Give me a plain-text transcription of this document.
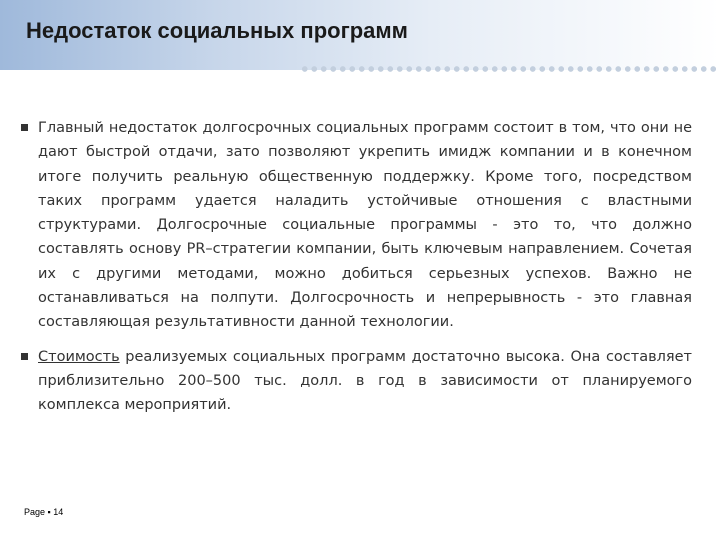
Недостаток социальных программ

Главный недостаток долгосрочных социальных программ состоит в том, что они не дают быстрой отдачи, зато позволяют укрепить имидж компании и в конечном итоге получить реальную общественную поддержку. Кроме того, посредством таких программ удается наладить устойчивые отношения с властными структурами. Долгосрочные социальные программы - это то, что должно составлять основу PR–стратегии компании, быть ключевым направлением. Сочетая их с другими методами, можно добиться серьезных успехов. Важно не останавливаться на полпути. Долгосрочность и непрерывность - это главная составляющая результативности данной технологии.

Стоимость реализуемых социальных программ достаточно высока. Она составляет приблизительно 200–500 тыс. долл. в год в зависимости от планируемого комплекса мероприятий.

Page ▪ 14
